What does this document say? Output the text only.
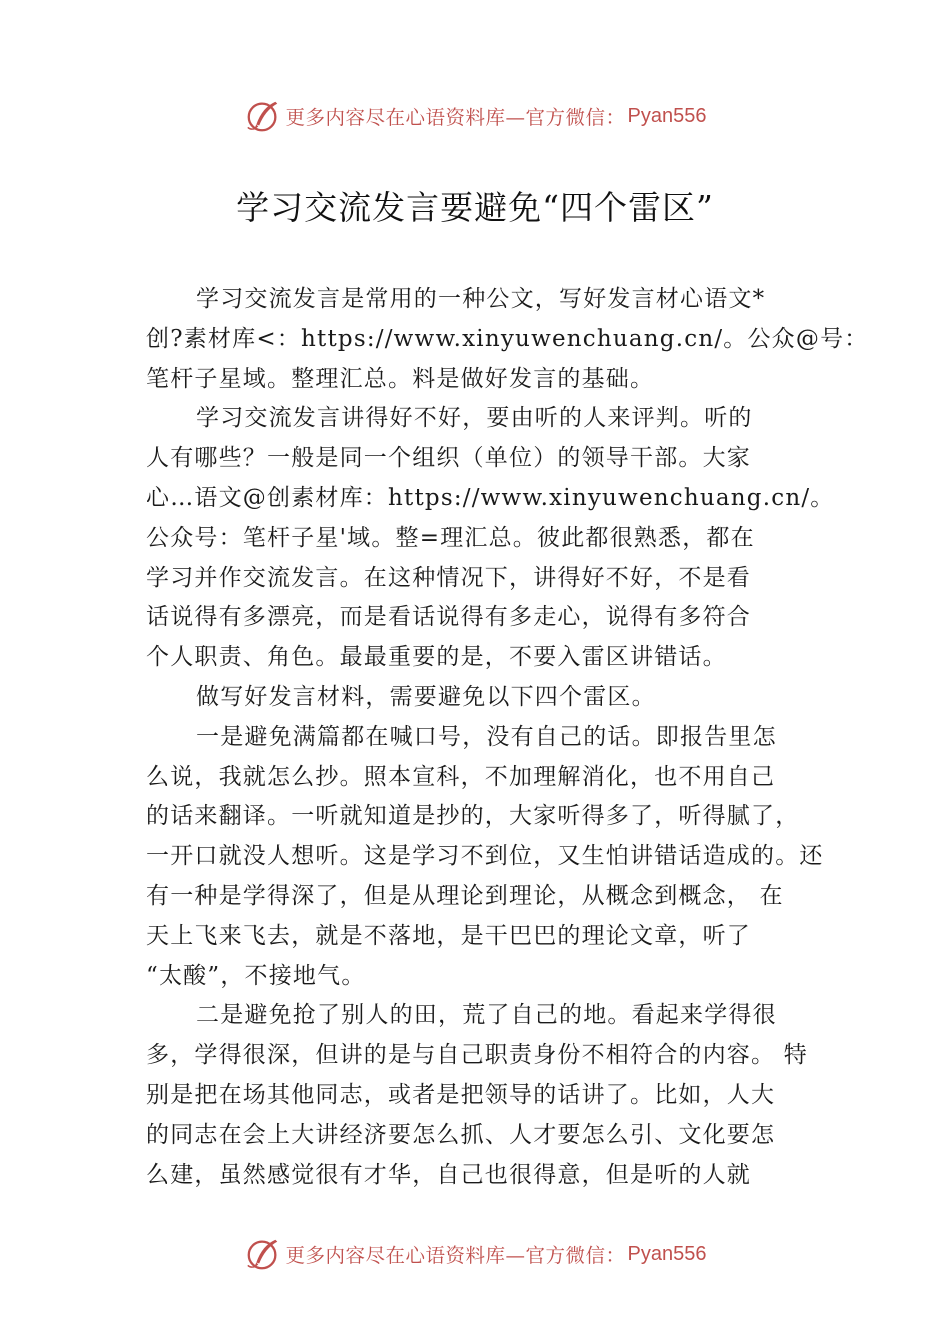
更多内容尽在心语资料库—官方微信： Pyan556
学习交流发言要避免“四个雷区”

学习交流发言是常用的一种公文，写好发言材心语文*
创?素材库<：https://www.xinyuwenchuang.cn/。公众@号：
笔杆子星域。整理汇总。料是做好发言的基础。

学习交流发言讲得好不好，要由听的人来评判。听的
人有哪些？一般是同一个组织（单位）的领导干部。大家
心…语文@创素材库：https://www.xinyuwenchuang.cn/。
公众号：笔杆子星'域。整=理汇总。彼此都很熟悉，都在
学习并作交流发言。在这种情况下，讲得好不好，不是看
话说得有多漂亮，而是看话说得有多走心，说得有多符合
个人职责、角色。最最重要的是，不要入雷区讲错话。

做写好发言材料，需要避免以下四个雷区。

一是避免满篇都在喊口号，没有自己的话。即报告里怎
么说，我就怎么抄。照本宣科，不加理解消化，也不用自己
的话来翻译。一听就知道是抄的，大家听得多了，听得腻了，
一开口就没人想听。这是学习不到位，又生怕讲错话造成的。还
有一种是学得深了，但是从理论到理论，从概念到概念， 在
天上飞来飞去，就是不落地，是干巴巴的理论文章，听了
“太酸”，不接地气。

二是避免抢了别人的田，荒了自己的地。看起来学得很
多，学得很深，但讲的是与自己职责身份不相符合的内容。 特
别是把在场其他同志，或者是把领导的话讲了。比如，人大
的同志在会上大讲经济要怎么抓、人才要怎么引、文化要怎
么建，虽然感觉很有才华，自己也很得意，但是听的人就

更多内容尽在心语资料库—官方微信： Pyan556
